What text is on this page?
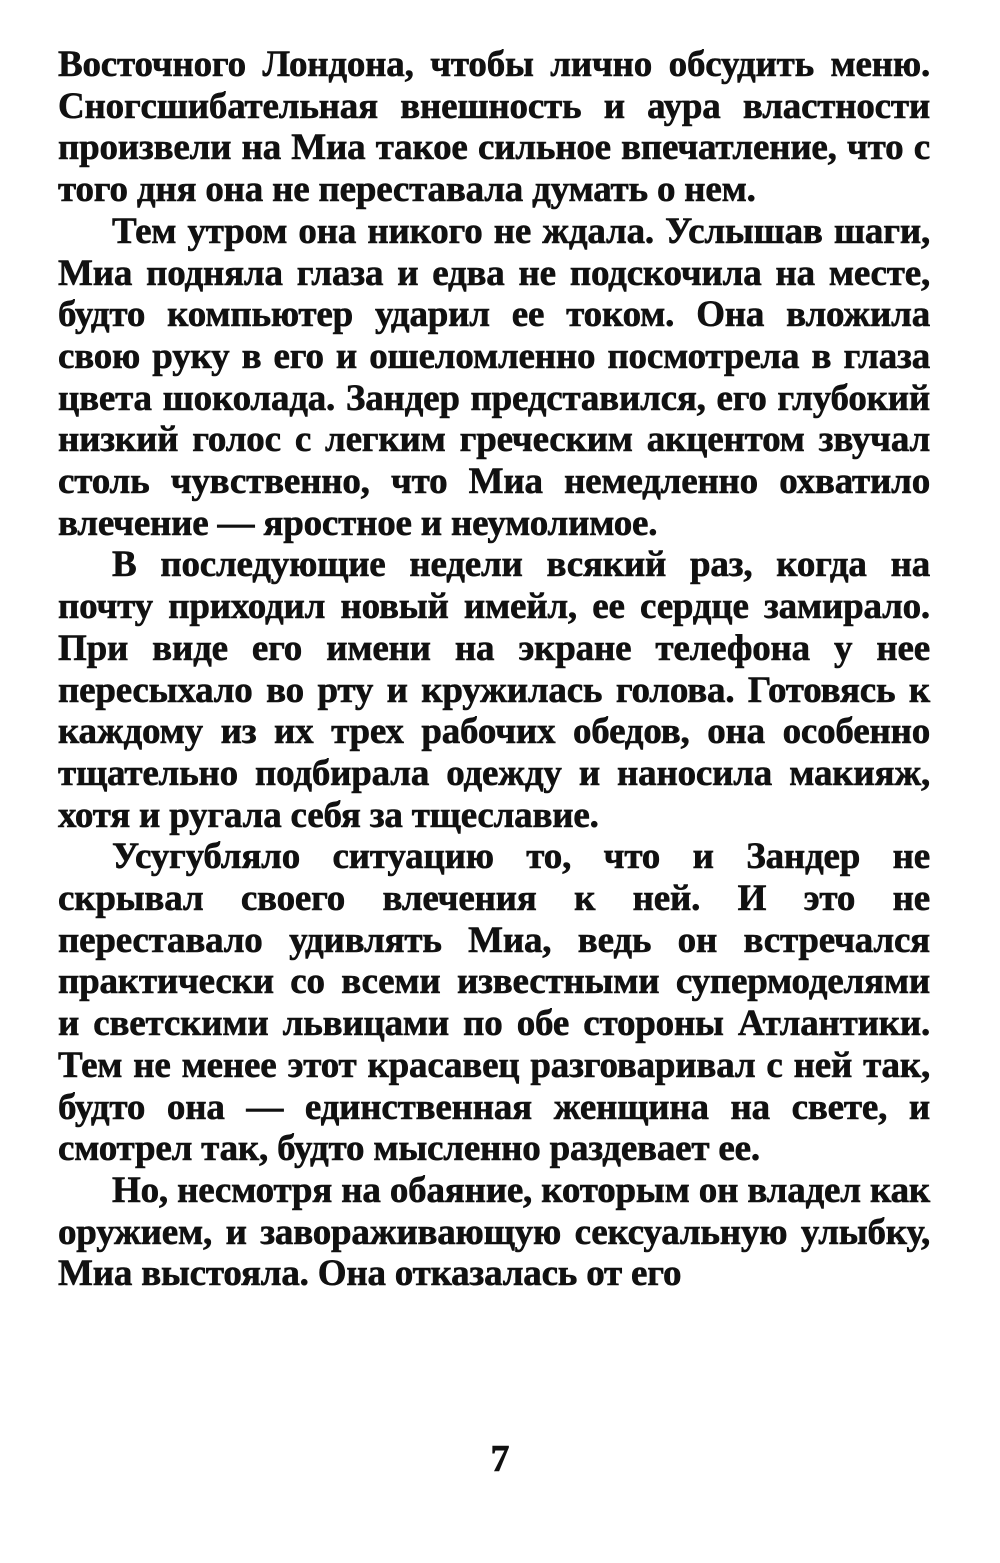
Восточного Лондона, чтобы лично обсудить меню. Сногсшибательная внешность и аура властности произвели на Миа такое сильное впечатление, что с того дня она не переставала думать о нем.

Тем утром она никого не ждала. Услышав шаги, Миа подняла глаза и едва не подскочила на месте, будто компьютер ударил ее током. Она вложила свою руку в его и ошеломленно посмотрела в глаза цвета шоколада. Зандер представился, его глубокий низкий голос с легким греческим акцентом звучал столь чувственно, что Миа немедленно охватило влечение — яростное и неумолимое.

В последующие недели всякий раз, когда на почту приходил новый имейл, ее сердце замирало. При виде его имени на экране телефона у нее пересыхало во рту и кружилась голова. Готовясь к каждому из их трех рабочих обедов, она особенно тщательно подбирала одежду и наносила макияж, хотя и ругала себя за тщеславие.

Усугубляло ситуацию то, что и Зандер не скрывал своего влечения к ней. И это не переставало удивлять Миа, ведь он встречался практически со всеми известными супермоделями и светскими львицами по обе стороны Атлантики. Тем не менее этот красавец разговаривал с ней так, будто она — единственная женщина на свете, и смотрел так, будто мысленно раздевает ее.

Но, несмотря на обаяние, которым он владел как оружием, и завораживающую сексуальную улыбку, Миа выстояла. Она отказалась от его

7
